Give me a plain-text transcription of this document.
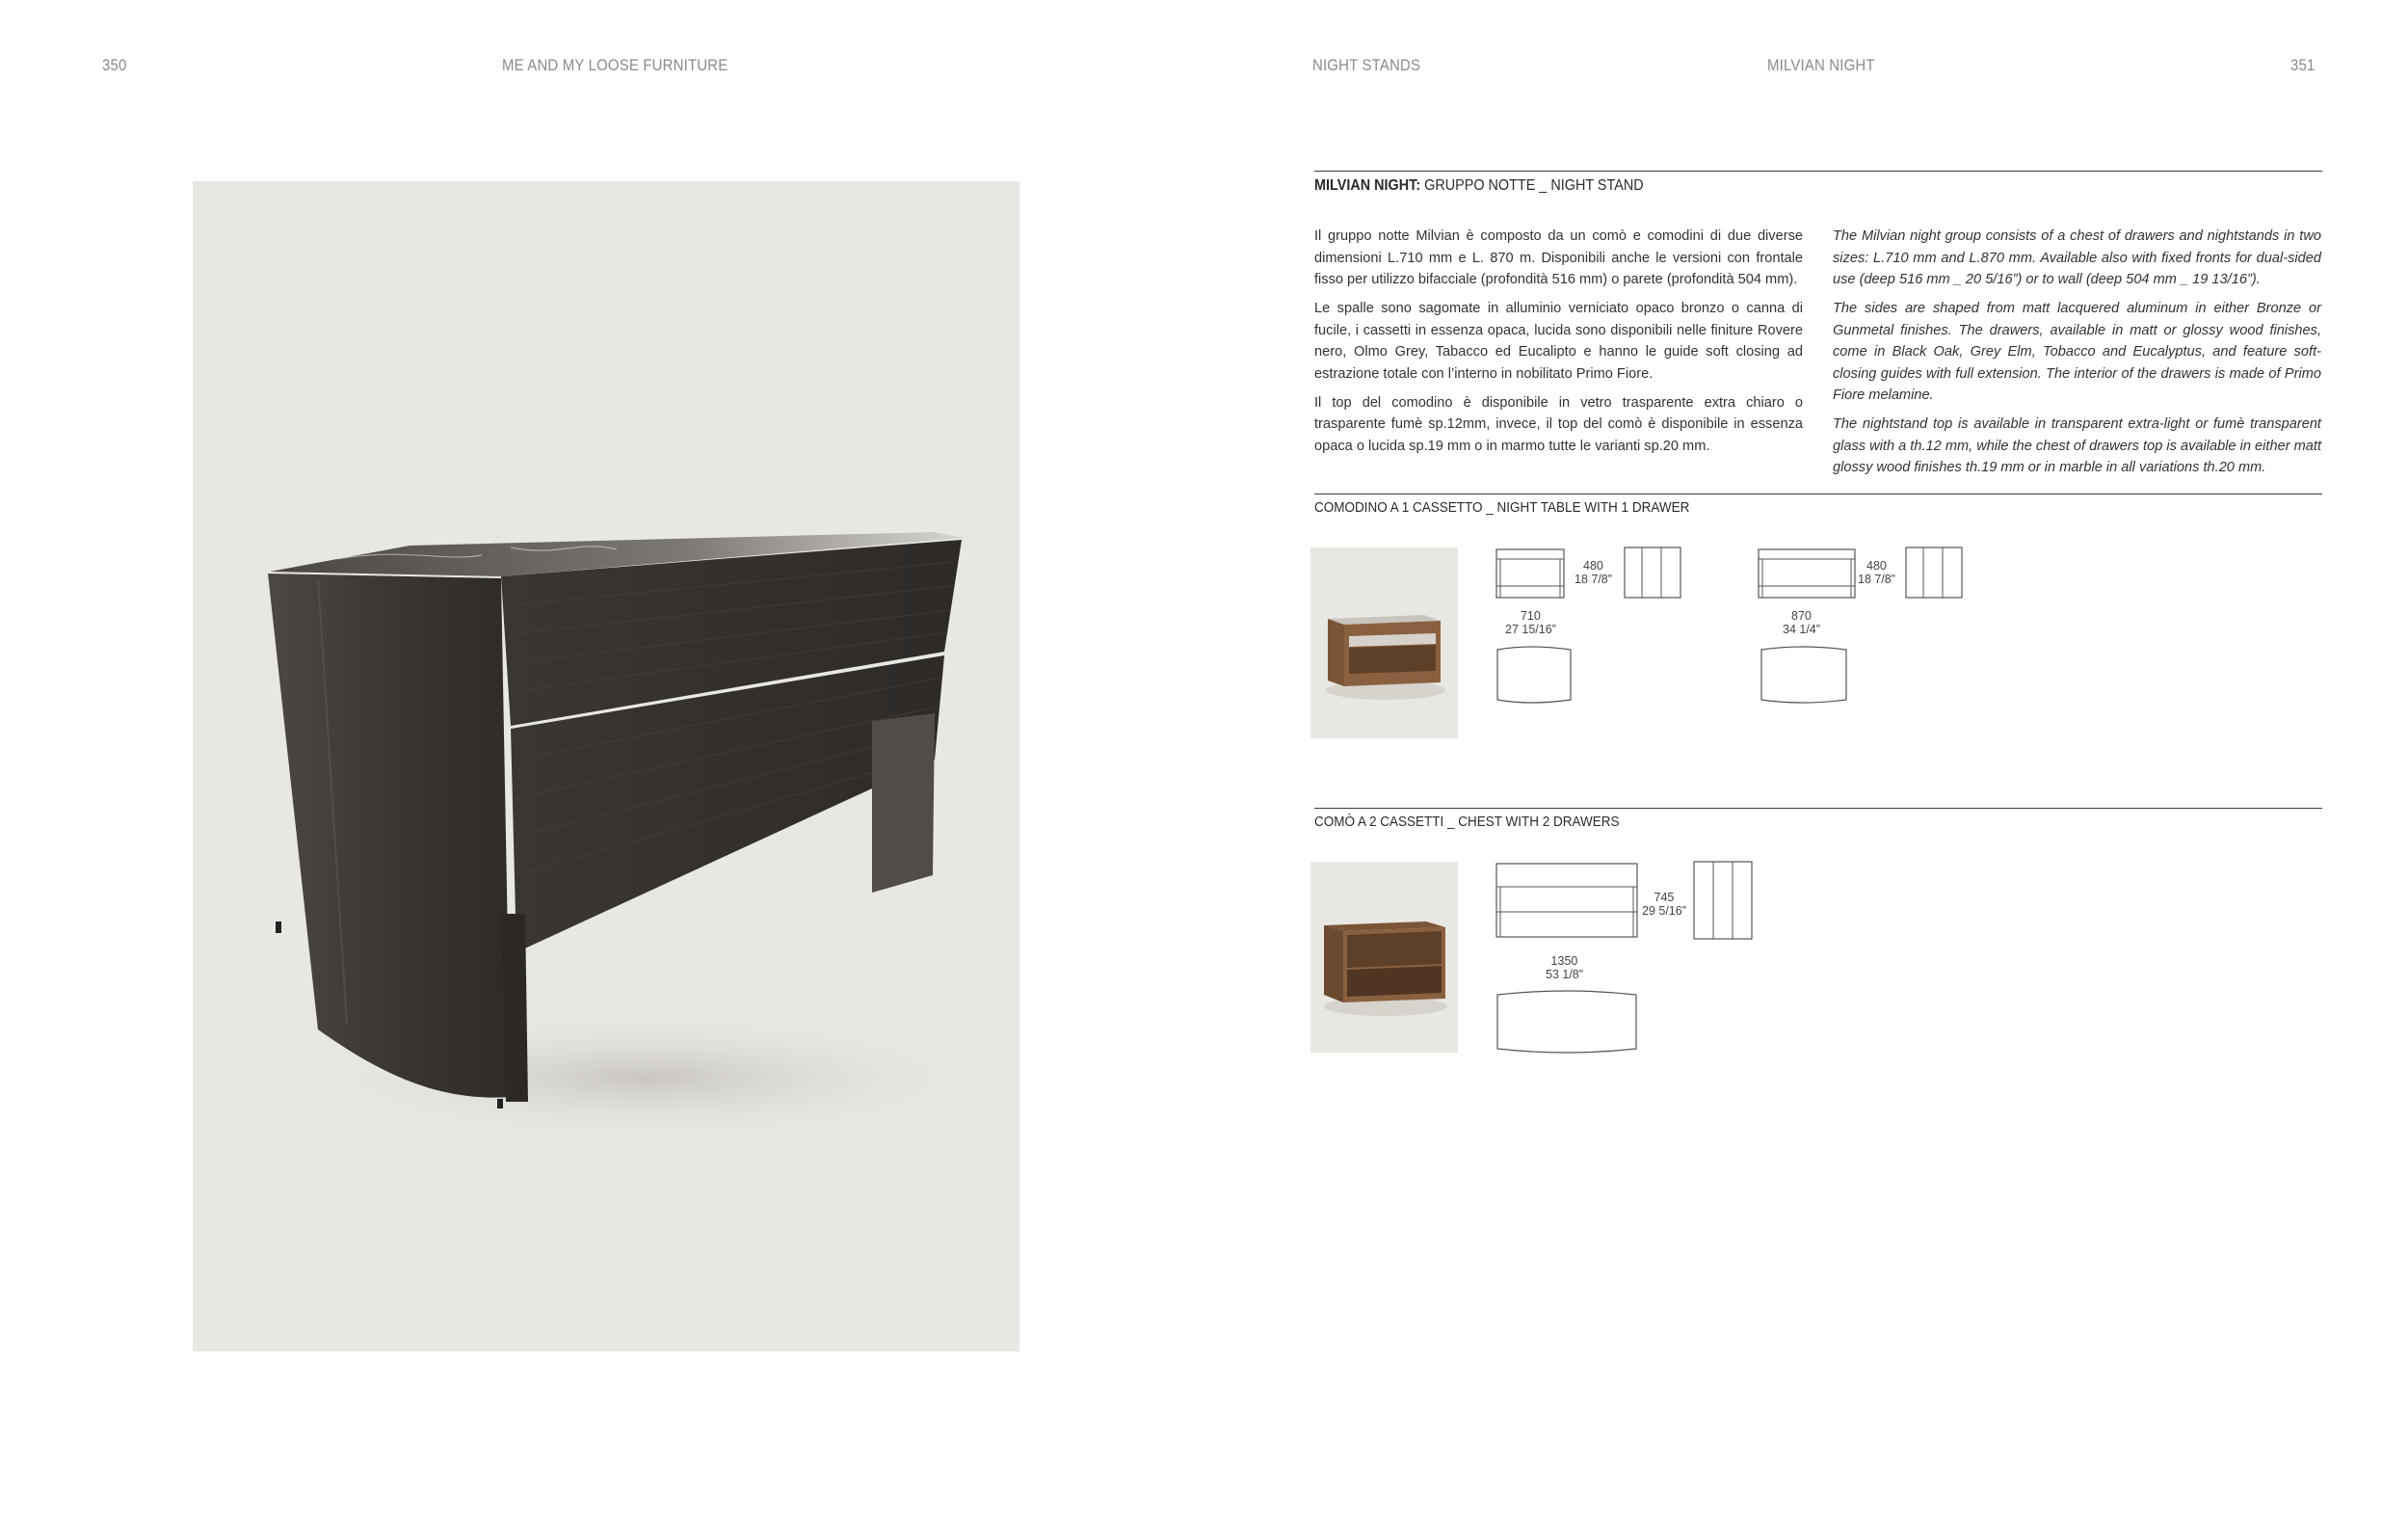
350	ME AND MY LOOSE FURNITURE	NIGHT STANDS	MILVIAN NIGHT	351
MILVIAN NIGHT: GRUPPO NOTTE _ NIGHT STAND

Il gruppo notte Milvian è composto da un comò e comodini di due diverse dimensioni L.710 mm e L. 870 m. Disponibili anche le versioni con frontale fisso per utilizzo bifacciale (profondità 516 mm) o parete (profondità 504 mm).

Le spalle sono sagomate in alluminio verniciato opaco bronzo o canna di fucile, i cassetti in essenza opaca, lucida sono disponibili nelle finiture Rovere nero, Olmo Grey, Tabacco ed Eucalipto e hanno le guide soft closing ad estrazione totale con l’interno in nobilitato Primo Fiore.

Il top del comodino è disponibile in vetro trasparente extra chiaro o trasparente fumè sp.12mm, invece, il top del comò è disponibile in essenza opaca o lucida sp.19 mm o in marmo tutte le varianti sp.20 mm.

The Milvian night group consists of a chest of drawers and nightstands in two sizes: L.710 mm and L.870 mm. Available also with fixed fronts for dual-sided use (deep 516 mm _ 20 5/16”) or to wall (deep 504 mm _ 19 13/16”).

The sides are shaped from matt lacquered aluminum in either Bronze or Gunmetal finishes. The drawers, available in matt or glossy wood finishes, come in Black Oak, Grey Elm, Tobacco and Eucalyptus, and feature soft-closing guides with full extension. The interior of the drawers is made of Primo Fiore melamine.

The nightstand top is available in transparent extra-light or fumè transparent glass with a th.12 mm, while the chest of drawers top is available in either matt glossy wood finishes th.19 mm or in marble in all variations th.20 mm.

COMODINO A 1 CASSETTO _ NIGHT TABLE WITH 1 DRAWER
480
18 7/8”
710
27 15/16”
480
18 7/8”
870
34 1/4”
COMÒ A 2 CASSETTI _ CHEST WITH 2 DRAWERS
745
29 5/16”
1350
53 1/8”
